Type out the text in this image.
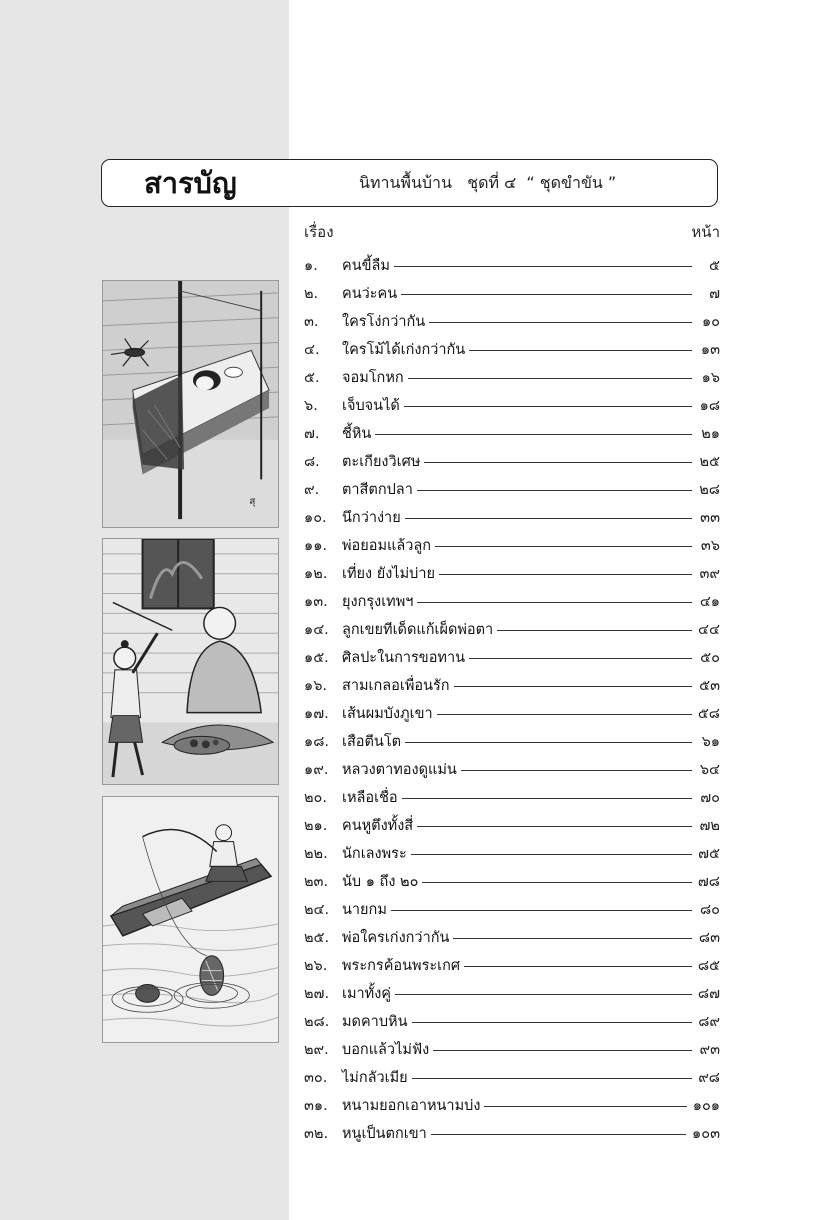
สารบัญ	นิทานพื้นบ้าน   ชุดที่ ๔  “ ชุดขำขัน ”
เรื่อง	หน้า
๑.	คนขี้ลืม	๕
๒.	คนว่ะคน	๗
๓.	ใครโง่กว่ากัน	๑๐
๔.	ใครโม้ได้เก่งกว่ากัน	๑๓
๕.	จอมโกหก	๑๖
๖.	เจ็บจนได้	๑๘
๗.	ชี้หิน	๒๑
๘.	ตะเกียงวิเศษ	๒๕
๙.	ตาสีตกปลา	๒๘
๑๐.	นึกว่าง่าย	๓๓
๑๑.	พ่อยอมแล้วลูก	๓๖
๑๒.	เที่ยง ยังไม่บ่าย	๓๙
๑๓. ยุงกรุงเทพฯ	๔๑
๑๔. ลูกเขยทีเด็ดแก้เผ็ดพ่อตา	๔๔
๑๕. ศิลปะในการขอทาน	๕๐
๑๖.	สามเกลอเพื่อนรัก	๕๓
๑๗. เส้นผมบังภูเขา	๕๘
๑๘. เสือตีนโต	๖๑
๑๙. หลวงตาทองดูแม่น	๖๔
๒๐.	เหลือเชื่อ	๗๐
๒๑.	คนหูตึงทั้งสี่	๗๒
๒๒. นักเลงพระ	๗๕
๒๓. นับ ๑ ถึง ๒๐	๗๘
๒๔. นายกม	๘๐
๒๕. พ่อใครเก่งกว่ากัน	๘๓
๒๖.	พระกรค้อนพระเกศ	๘๕
๒๗. เมาทั้งคู่	๘๗
๒๘. มดคาบหิน	๘๙
๒๙. บอกแล้วไม่ฟัง	๙๓
๓๐.	ไม่กลัวเมีย	๙๘
๓๑. หนามยอกเอาหนามบ่ง	๑๐๑
๓๒. หนูเป็นตกเขา	๑๐๓
สุ
